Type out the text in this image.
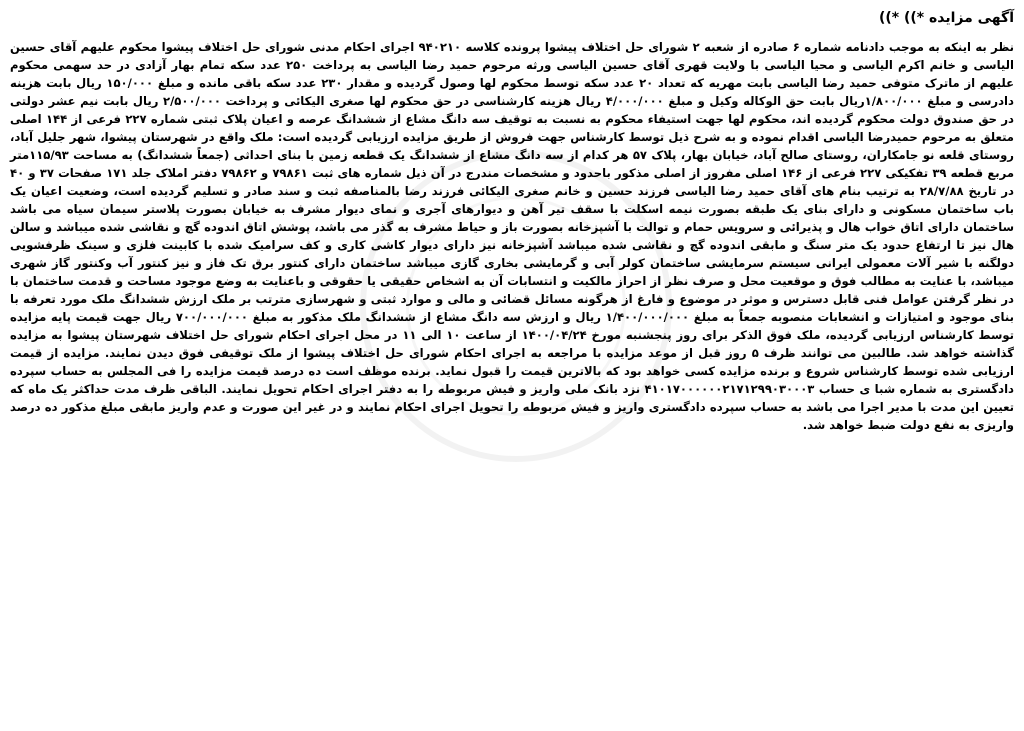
آگهی مزایده *)) *))

نظر به اینکه به موجب دادنامه شماره ۶ صادره از شعبه ۲ شورای حل اختلاف پیشوا پرونده کلاسه ۹۴۰۲۱۰ اجرای احکام مدنی شورای حل اختلاف پیشوا محکوم علیهم آقای حسین الیاسی و خانم اکرم الیاسی و محیا الیاسی با ولایت قهری آقای حسین الیاسی ورثه مرحوم حمید رضا الیاسی به پرداخت ۲۵۰ عدد سکه تمام بهار آزادی در حد سهمی محکوم علیهم از ماترک متوفی حمید رضا الیاسی بابت مهریه که تعداد ۲۰ عدد سکه توسط محکوم لها وصول گردیده و مقدار ۲۳۰ عدد سکه باقی مانده و مبلغ ۱۵۰/۰۰۰ ریال بابت هزینه دادرسی و مبلغ ۱/۸۰۰/۰۰۰ریال بابت حق الوکاله وکیل و مبلغ ۴/۰۰۰/۰۰۰ ریال هزینه کارشناسی در حق محکوم لها صغری الیکائی و پرداخت ۲/۵۰۰/۰۰۰ ریال بابت نیم عشر دولتی در حق صندوق دولت محکوم گردیده اند، محکوم لها جهت استیفاء محکوم به نسبت به توقیف سه دانگ مشاع از ششدانگ عرصه و اعیان پلاک ثبتی شماره ۲۲۷ فرعی از ۱۴۴ اصلی متعلق به مرحوم حمیدرضا الیاسی اقدام نموده و به شرح ذیل توسط کارشناس جهت فروش از طریق مزایده ارزیابی گردیده است: ملک واقع در شهرستان پیشوا، شهر جلیل آباد، روستای قلعه نو جامکاران، روستای صالح آباد، خیابان بهار، پلاک ۵۷ هر کدام از سه دانگ مشاع از ششدانگ یک قطعه زمین با بنای احداثی (جمعاً ششدانگ) به مساحت ۱۱۵/۹۳متر مربع قطعه ۳۹ تفکیکی ۲۲۷ فرعی از ۱۴۶ اصلی مفروز از اصلی مذکور باحدود و مشخصات مندرج در آن ذیل شماره های ثبت ۷۹۸۶۱ و ۷۹۸۶۲ دفتر املاک جلد ۱۷۱ صفحات ۳۷ و ۴۰ در تاریخ ۲۸/۷/۸۸ به ترتیب بنام های آقای حمید رضا الیاسی فرزند حسین و خانم صغری الیکائی فرزند رضا بالمناصفه ثبت و سند صادر و تسلیم گردیده است، وضعیت اعیان یک باب ساختمان مسکونی و دارای بنای یک طبقه بصورت نیمه اسکلت با سقف تیر آهن و دیوارهای آجری و نمای دیوار مشرف به خیابان بصورت پلاستر سیمان سیاه می باشد ساختمان دارای اتاق خواب هال و پذیرائی و سرویس حمام و توالت با آشپزخانه بصورت باز و حیاط مشرف به گذر می باشد، پوشش اتاق اندوده گچ و نقاشی شده میباشد و سالن هال نیز تا ارتفاع حدود یک متر سنگ و مابقی اندوده گچ و نقاشی شده میباشد آشپزخانه نیز دارای دیوار کاشی کاری و کف سرامیک شده با کابینت فلزی و سینک ظرفشویی دولگنه با شیر آلات معمولی ایرانی سیستم سرمایشی ساختمان کولر آبی و گرمایشی بخاری گازی میباشد ساختمان دارای کنتور برق تک فاز و نیز کنتور آب وکنتور گاز شهری میباشد، با عنایت به مطالب فوق و موقعیت محل و صرف نظر از احراز مالکیت و انتسابات آن به اشخاص حقیقی یا حقوقی و باعنایت به وضع موجود مساحت و قدمت ساختمان با در نظر گرفتن عوامل فنی قابل دسترس و موثر در موضوع و فارغ از هرگونه مسائل قضائی و مالی و موارد ثبتی و شهرسازی مترتب بر ملک ارزش ششدانگ ملک مورد تعرفه با بنای موجود و امتیازات و انشعابات منصوبه جمعاً به مبلغ ۱/۴۰۰/۰۰۰/۰۰۰ ریال و ارزش سه دانگ مشاع از ششدانگ ملک مذکور به مبلغ ۷۰۰/۰۰۰/۰۰۰ ریال جهت قیمت پایه مزایده توسط کارشناس ارزیابی گردیده، ملک فوق الذکر برای روز پنجشنبه مورخ ۱۴۰۰/۰۴/۲۴ از ساعت ۱۰ الی ۱۱ در محل اجرای احکام شورای حل اختلاف شهرستان پیشوا به مزایده گذاشته خواهد شد. طالبین می توانند ظرف ۵ روز قبل از موعد مزایده با مراجعه به اجرای احکام شورای حل اختلاف پیشوا از ملک توقیفی فوق دیدن نمایند. مزایده از قیمت ارزیابی شده توسط کارشناس شروع و برنده مزایده کسی خواهد بود که بالاترین قیمت را قبول نماید. برنده موظف است ده درصد قیمت مزایده را فی المجلس به حساب سپرده دادگستری به شماره شبا ی حساب ۴۱۰۱۷۰۰۰۰۰۰۲۱۷۱۲۹۹۰۳۰۰۰۳ نزد بانک ملی واریز و فیش مربوطه را به دفتر اجرای احکام تحویل نمایند. الباقی ظرف مدت حداکثر یک ماه که تعیین این مدت با مدیر اجرا می باشد به حساب سپرده دادگستری واریز و فیش مربوطه را تحویل اجرای احکام نمایند و در غیر این صورت و عدم واریز مابقی مبلغ مذکور ده درصد واریزی به نفع دولت ضبط خواهد شد.
